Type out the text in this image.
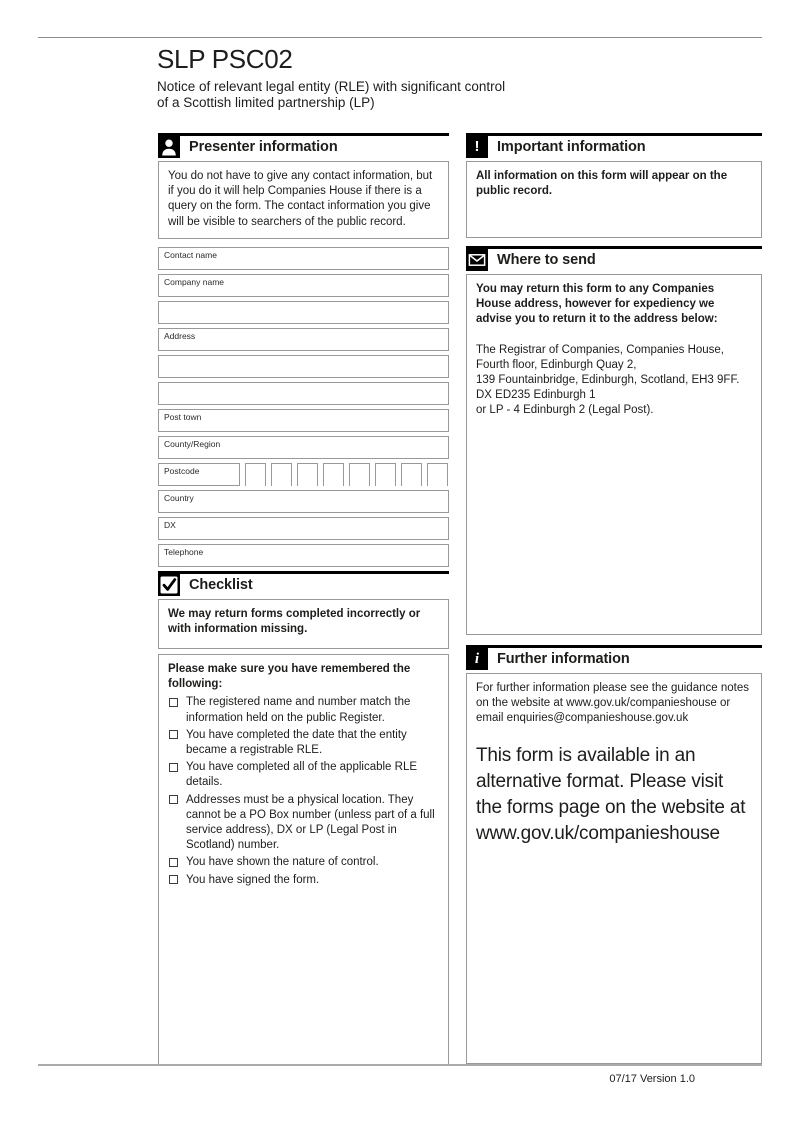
SLP PSC02
Notice of relevant legal entity (RLE) with significant control
of a Scottish limited partnership (LP)
Presenter information
You do not have to give any contact information, but if you do it will help Companies House if there is a query on the form. The contact information you give will be visible to searchers of the public record.
Contact name
Company name
Address
Post town
County/Region
Postcode
Country
DX
Telephone
Checklist
We may return forms completed incorrectly or with information missing.
Please make sure you have remembered the following:
The registered name and number match the information held on the public Register.
You have completed the date that the entity became a registrable RLE.
You have completed all of the applicable RLE details.
Addresses must be a physical location. They cannot be a PO Box number (unless part of a full service address), DX or LP (Legal Post in Scotland) number.
You have shown the nature of control.
You have signed the form.
! Important information
All information on this form will appear on the public record.
Where to send
You may return this form to any Companies House address, however for expediency we advise you to return it to the address below:
The Registrar of Companies, Companies House,
Fourth floor, Edinburgh Quay 2,
139 Fountainbridge, Edinburgh, Scotland, EH3 9FF.
DX ED235 Edinburgh 1
or LP - 4 Edinburgh 2 (Legal Post).
i Further information
For further information please see the guidance notes on the website at www.gov.uk/companieshouse or email enquiries@companieshouse.gov.uk
This form is available in an alternative format. Please visit the forms page on the website at www.gov.uk/companieshouse
07/17 Version 1.0
